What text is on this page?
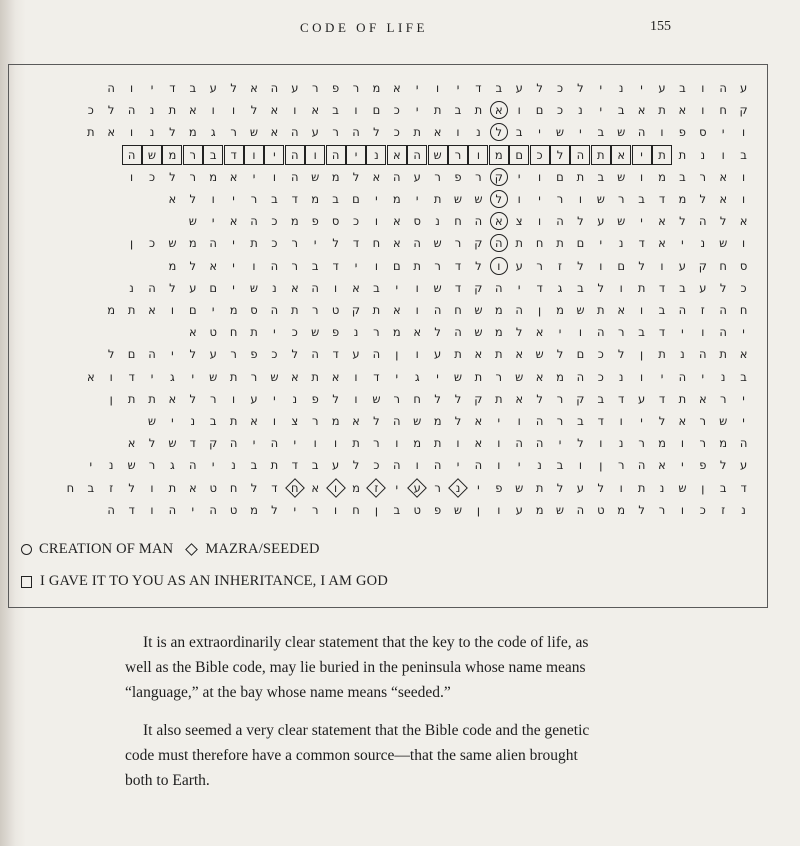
CODE OF LIFE	155
ע
ה
ו
ב
ע
י
נ
י
ל
כ
ל
ע
ב
ד
י
ו
י
א
מ
ר
פ
ר
ע
ה
א
ל
ע
ב
ד
י
ו
ה
ק
ח
ו
א
ת
א
ב
י
נ
כ
ם
ו
א
ת
ב
ת
י
כ
ם
ו
ב
א
ו
א
ל
ו
ו
א
ת
נ
ה
ל
כ
ו
י
ס
פ
ו
ה
ש
ב
י
ש
י
ב
ל
נ
ו
א
ת
כ
ל
ה
ר
ע
ה
א
ש
ר
ג
מ
ל
נ
ו
א
ת
ב
ו
נ
ת
ת
י
א
ת
ה
ל
כ
ם
מ
ו
ר
ש
ה
א
נ
י
ה
ו
ה
י
ו
ד
ב
ר
מ
ש
ה
ו
א
ר
ב
מ
ו
ש
ב
ת
ם
ו
י
ק
ר
פ
ר
ע
ה
א
ל
מ
ש
ה
ו
י
א
מ
ר
ל
כ
ו
ו
א
ל
מ
ד
ב
ר
ש
ו
ר
י
ו
ל
ש
ש
ת
י
מ
י
ם
ב
מ
ד
ב
ר
י
ו
ל
א
א
ל
ה
ל
א
י
ש
ע
ל
ה
ו
צ
א
ה
ח
נ
ס
א
ו
כ
ס
פ
מ
כ
ה
א
י
ש
ו
ש
נ
י
א
ד
נ
י
ם
ת
ח
ת
ה
ק
ר
ש
ה
א
ח
ד
ל
י
ר
כ
ת
י
ה
מ
ש
כ
ן
ס
ח
ק
ע
ו
ל
ם
ו
ל
ז
ר
ע
ו
ל
ד
ר
ת
ם
ו
י
ד
ב
ר
ה
ו
י
א
ל
מ
כ
ל
ע
ב
ד
ת
ו
ל
ב
ג
ד
י
ה
ק
ד
ש
ו
י
ב
א
ו
ה
א
נ
ש
י
ם
ע
ל
ה
נ
ח
ה
ז
ה
ב
ו
א
ת
ש
מ
ן
ה
מ
ש
ח
ה
ו
א
ת
ק
ט
ר
ת
ה
ס
מ
י
ם
ו
א
ת
מ
י
ה
ו
י
ד
ב
ר
ה
ו
י
א
ל
מ
ש
ה
ל
א
מ
ר
נ
פ
ש
כ
י
ת
ח
ט
א
א
ת
ה
נ
ת
ן
ל
כ
ם
ל
ש
א
ת
א
ת
ע
ו
ן
ה
ע
ד
ה
ל
כ
פ
ר
ע
ל
י
ה
ם
ל
ב
נ
י
ה
י
ו
נ
כ
ה
מ
א
ש
ר
ת
ש
י
ג
י
ד
ו
א
ת
א
ש
ר
ת
ש
י
ג
י
ד
ו
א
י
ר
א
ת
ד
ע
ד
ב
ק
ר
ל
א
ת
ק
ל
ל
ח
ר
ש
ו
ל
פ
נ
י
ע
ו
ר
ל
א
ת
ת
ן
י
ש
ר
א
ל
י
ו
ד
ב
ר
ה
ו
י
א
ל
מ
ש
ה
ל
א
מ
ר
צ
ו
א
ת
ב
נ
י
ש
ה
מ
ר
ו
מ
ר
נ
ו
ל
י
ה
ה
ו
א
ו
ת
מ
ו
ר
ת
ו
ו
י
ה
י
ה
ק
ד
ש
ל
א
ע
ל
פ
י
א
ה
ר
ן
ו
ב
נ
י
ו
ה
י
ה
ו
ה
כ
ל
ע
ב
ד
ת
ב
נ
י
ה
ג
ר
ש
נ
י
ד
ב
ן
ש
נ
ת
ו
ל
ע
ל
ת
ש
פ
י
נ
ר
ע
י
ז
מ
ו
א
ח
ד
ל
ח
ט
א
ת
ו
ל
ז
ב
ח
נ
ז
כ
ו
ר
ל
מ
ט
ה
ש
מ
ע
ו
ן
ש
פ
ט
ב
ן
ח
ו
ר
י
ל
מ
ט
ה
י
ה
ו
ד
ה
CREATION OF MAN MAZRA/SEEDED
I GAVE IT TO YOU AS AN INHERITANCE, I AM GOD
It is an extraordinarily clear statement that the key to the code of life, as
well as the Bible code, may lie buried in the peninsula whose name means
“language,” at the bay whose name means “seeded.”
It also seemed a very clear statement that the Bible code and the genetic
code must therefore have a common source—that the same alien brought
both to Earth.
